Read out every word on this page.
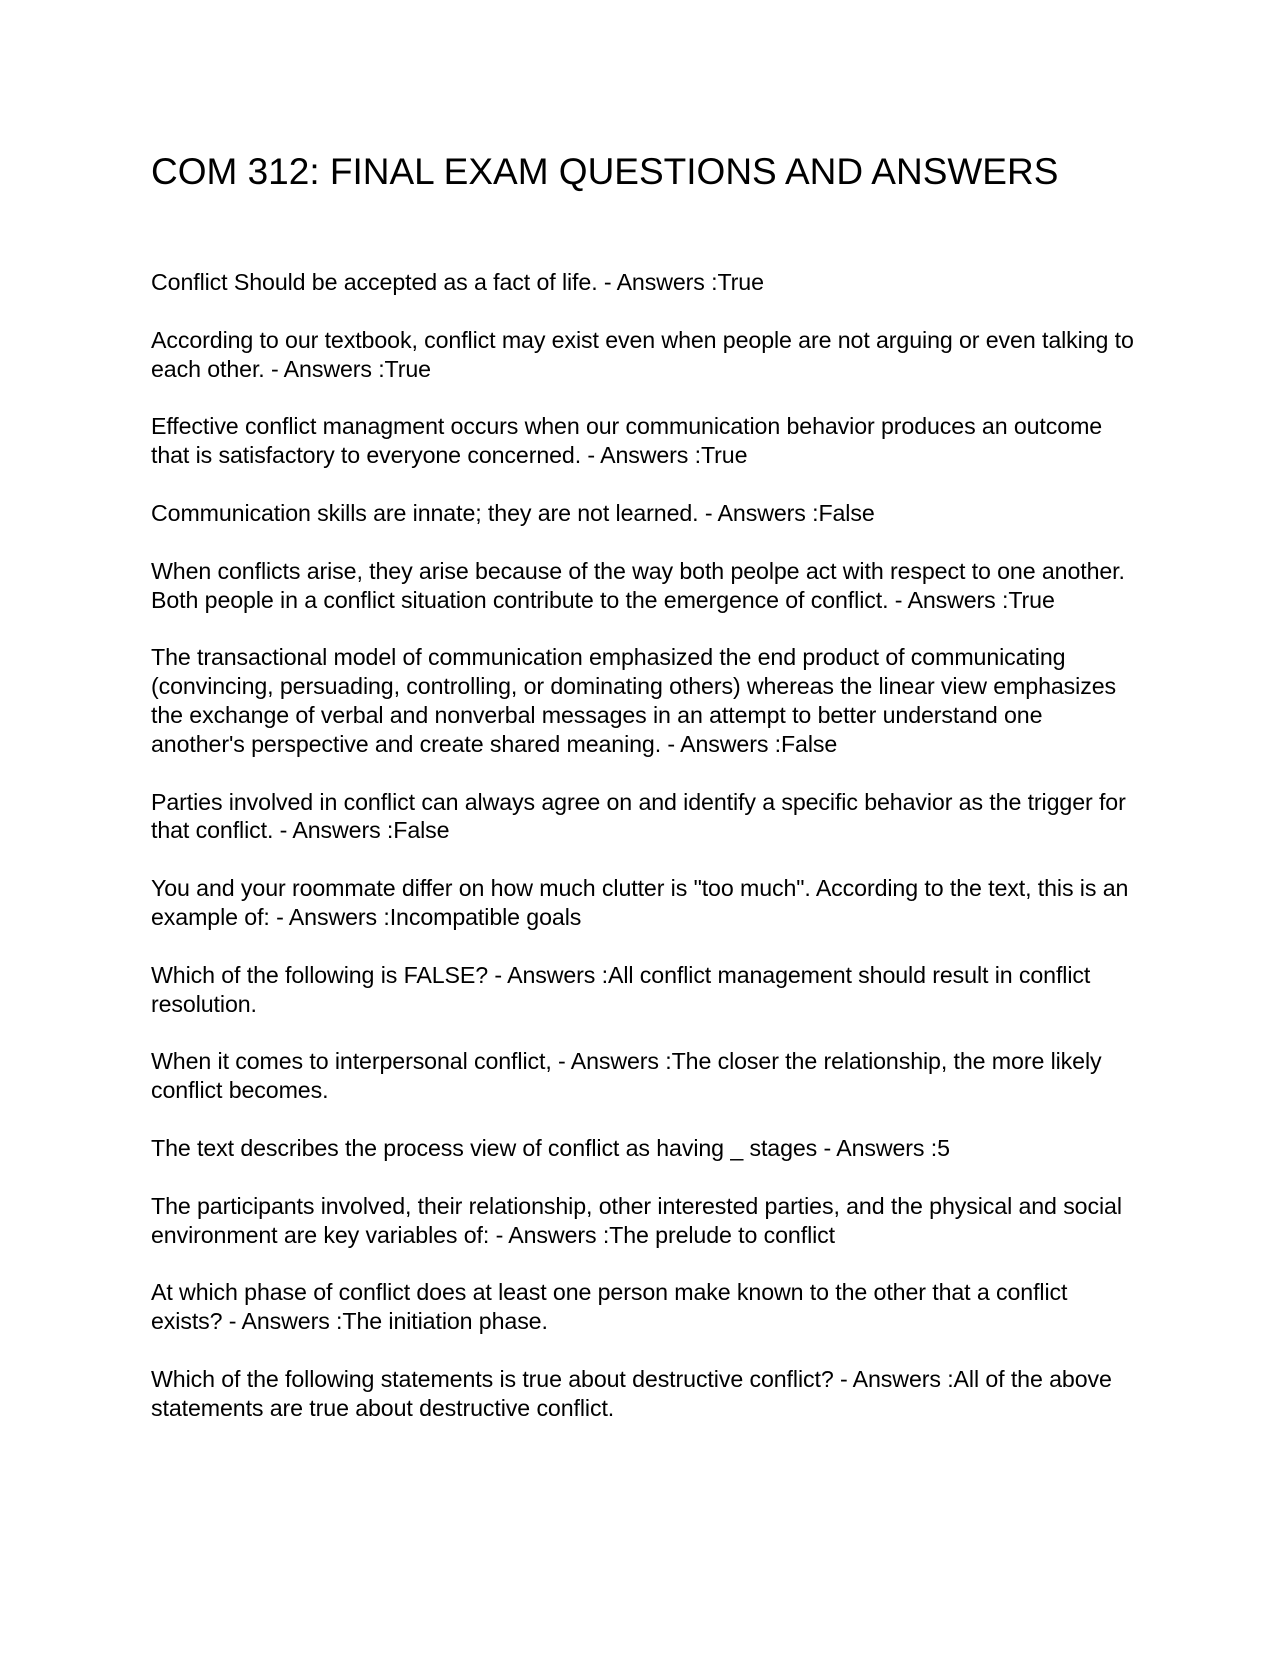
COM 312: FINAL EXAM QUESTIONS AND ANSWERS

Conflict Should be accepted as a fact of life. - Answers :True

According to our textbook, conflict may exist even when people are not arguing or even talking to each other. - Answers :True

Effective conflict managment occurs when our communication behavior produces an outcome that is satisfactory to everyone concerned. - Answers :True

Communication skills are innate; they are not learned. - Answers :False

When conflicts arise, they arise because of the way both peolpe act with respect to one another. Both people in a conflict situation contribute to the emergence of conflict. - Answers :True

The transactional model of communication emphasized the end product of communicating (convincing, persuading, controlling, or dominating others) whereas the linear view emphasizes the exchange of verbal and nonverbal messages in an attempt to better understand one another's perspective and create shared meaning. - Answers :False

Parties involved in conflict can always agree on and identify a specific behavior as the trigger for that conflict. - Answers :False

You and your roommate differ on how much clutter is "too much". According to the text, this is an example of: - Answers :Incompatible goals

Which of the following is FALSE? - Answers :All conflict management should result in conflict resolution.

When it comes to interpersonal conflict, - Answers :The closer the relationship, the more likely conflict becomes.

The text describes the process view of conflict as having _ stages - Answers :5

The participants involved, their relationship, other interested parties, and the physical and social environment are key variables of: - Answers :The prelude to conflict

At which phase of conflict does at least one person make known to the other that a conflict exists? - Answers :The initiation phase.

Which of the following statements is true about destructive conflict? - Answers :All of the above statements are true about destructive conflict.
